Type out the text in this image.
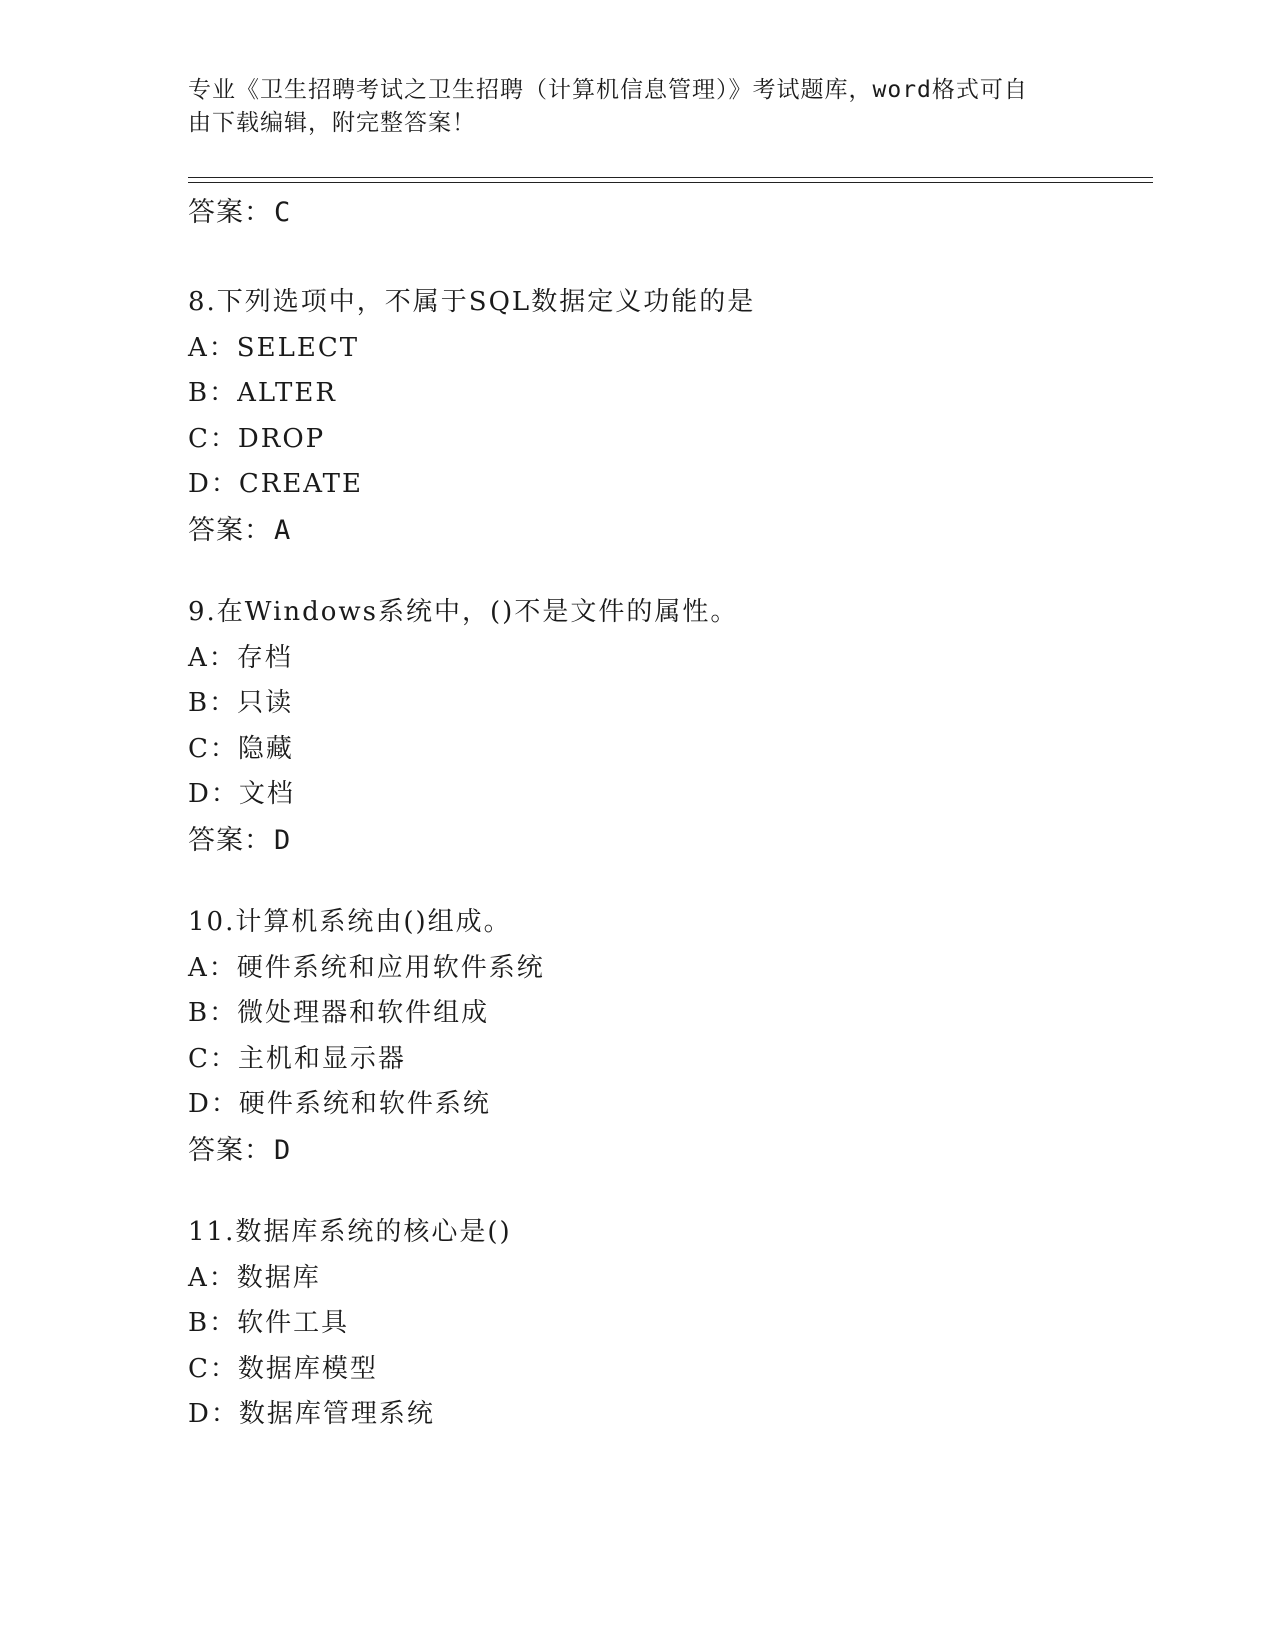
专业《卫生招聘考试之卫生招聘（计算机信息管理）》考试题库，word格式可自
由下载编辑，附完整答案！
答案：C
8.下列选项中，不属于SQL数据定义功能的是
A：SELECT
B：ALTER
C：DROP
D：CREATE
答案：A
9.在Windows系统中，()不是文件的属性。
A：存档
B：只读
C：隐藏
D：文档
答案：D
10.计算机系统由()组成。
A：硬件系统和应用软件系统
B：微处理器和软件组成
C：主机和显示器
D：硬件系统和软件系统
答案：D
11.数据库系统的核心是()
A：数据库
B：软件工具
C：数据库模型
D：数据库管理系统
